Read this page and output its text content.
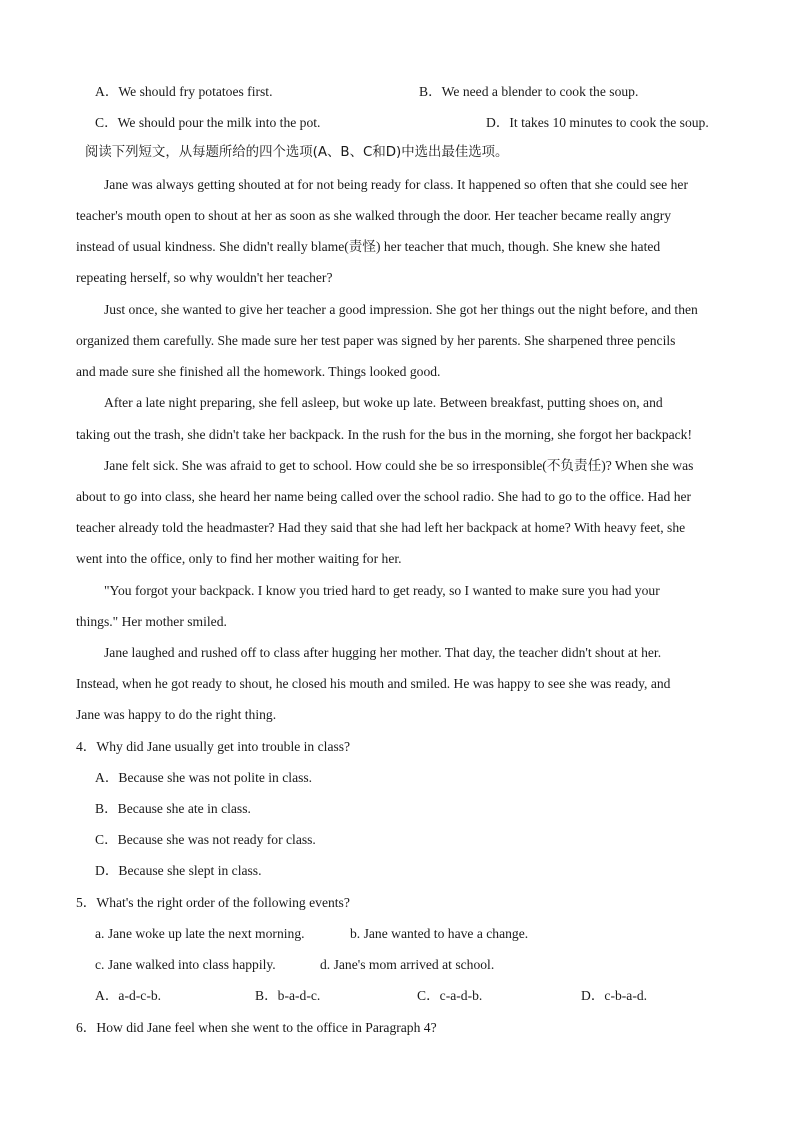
A．We should fry potatoes first.	B．We need a blender to cook the soup.
C．We should pour the milk into the pot.	D．It takes 10 minutes to cook the soup.
阅读下列短文，从每题所给的四个选项(A、B、C和D)中选出最佳选项。
Jane was always getting shouted at for not being ready for class. It happened so often that she could see her
teacher's mouth open to shout at her as soon as she walked through the door. Her teacher became really angry
instead of usual kindness. She didn't really blame(责怪) her teacher that much, though. She knew she hated
repeating herself, so why wouldn't her teacher?
Just once, she wanted to give her teacher a good impression. She got her things out the night before, and then
organized them carefully. She made sure her test paper was signed by her parents. She sharpened three pencils
and made sure she finished all the homework. Things looked good.
After a late night preparing, she fell asleep, but woke up late. Between breakfast, putting shoes on, and
taking out the trash, she didn't take her backpack. In the rush for the bus in the morning, she forgot her backpack!
Jane felt sick. She was afraid to get to school. How could she be so irresponsible(不负责任)? When she was
about to go into class, she heard her name being called over the school radio. She had to go to the office. Had her
teacher already told the headmaster? Had they said that she had left her backpack at home? With heavy feet, she
went into the office, only to find her mother waiting for her.
"You forgot your backpack. I know you tried hard to get ready, so I wanted to make sure you had your
things." Her mother smiled.
Jane laughed and rushed off to class after hugging her mother. That day, the teacher didn't shout at her.
Instead, when he got ready to shout, he closed his mouth and smiled. He was happy to see she was ready, and
Jane was happy to do the right thing.
4．Why did Jane usually get into trouble in class?
A．Because she was not polite in class.
B．Because she ate in class.
C．Because she was not ready for class.
D．Because she slept in class.
5．What's the right order of the following events?
a. Jane woke up late the next morning.	b. Jane wanted to have a change.
c. Jane walked into class happily.	d. Jane's mom arrived at school.
A．a-d-c-b.	B．b-a-d-c.	C．c-a-d-b.	D．c-b-a-d.
6．How did Jane feel when she went to the office in Paragraph 4?
